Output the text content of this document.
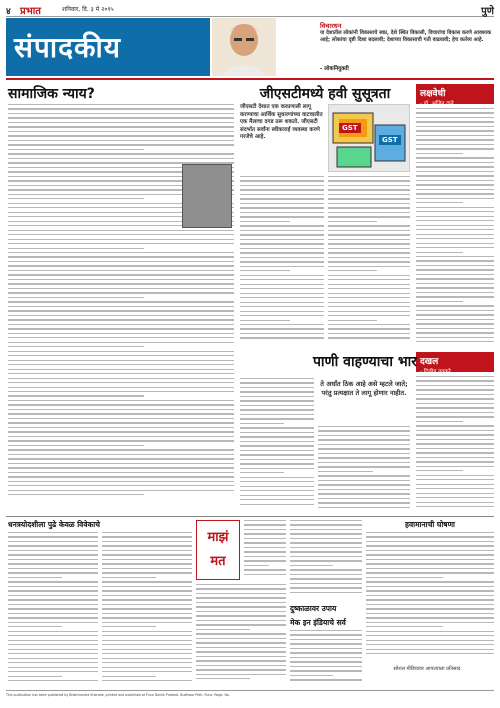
४ प्रभात	शनिवार, दि. ३ मे २०१५	पुणे
संपादकीय
विचारधन
या देशातील लोकांनी विकासाचे स्वप्न, देशे स्थित विकासी, विचारांचा विकास करणे आवश्यक आहे; लोकांचा दृष्टी दिशा बदलावी; देशाच्या विकासाची गती वाढवावी; हेच कर्तव्य आहे.
- लोकनियुक्ती
सामाजिक न्याय?	जीएसटीमध्ये हवी सुसूत्रता
जीएसटी देशात एक करप्रणाली लागू करण्याचा आर्थिक सुधारणांच्या वाटचालीत एक मैलाचा दगड ठरू शकतो. जीएसटी संदर्भात सर्वांना स्वीकारार्ह व्यवस्था करणे गरजेचे आहे.
GST
GST
लक्षवेधी
- डॉ. अजित दाते
दखल
- दिलीप तवकरे
पाणी वाहण्याचा भार
ते अर्धांत ठिक आहे असे म्हटले जाते; परंतु प्रत्यक्षात ते लागू होणार नाहीत.
धनत्रयोदशीला पुढे केवळ विवेकाचे
माझं
मत
दुष्काळावर उपाय
हवामानाची घोषणा
मेक इन इंडियाचे सर्व
सोशल मीडियावर आपल्याला प्रतिसाद
This publication has been published by Bhalchandra Kharade, printed and published at Pune Dainik Prabhat, Budhwar Peth, Pune. Regd. No.
